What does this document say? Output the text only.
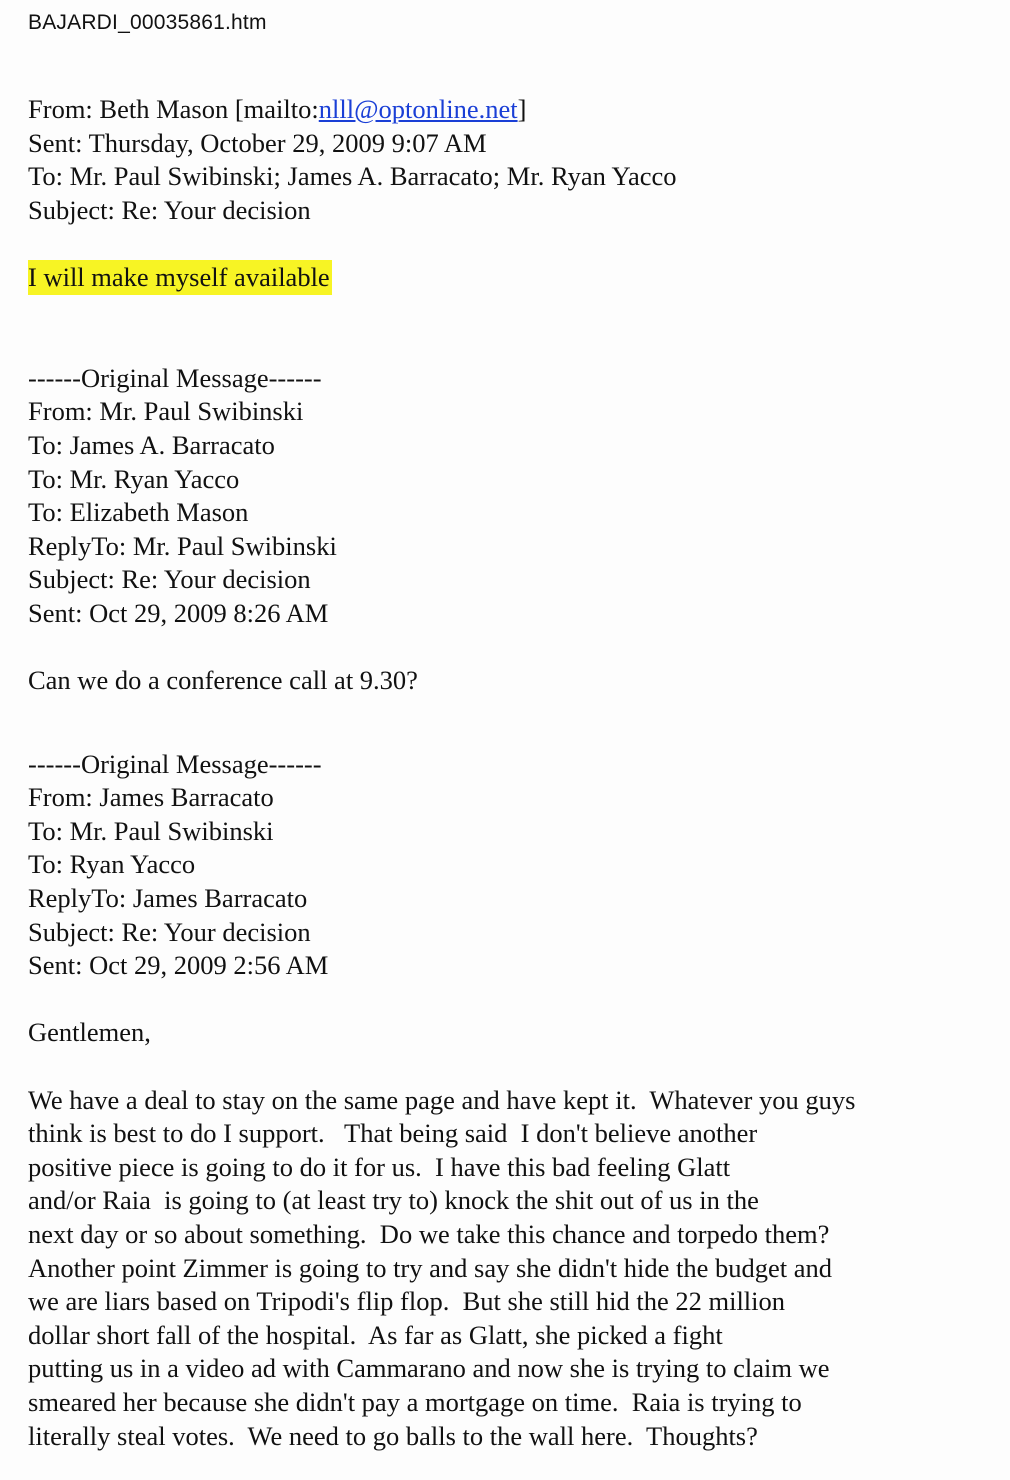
BAJARDI_00035861.htm
From: Beth Mason [mailto:nlll@optonline.net]
Sent: Thursday, October 29, 2009 9:07 AM
To: Mr. Paul Swibinski; James A. Barracato; Mr. Ryan Yacco
Subject: Re: Your decision
I will make myself available
------Original Message------
From: Mr. Paul Swibinski
To: James A. Barracato
To: Mr. Ryan Yacco
To: Elizabeth Mason
ReplyTo: Mr. Paul Swibinski
Subject: Re: Your decision
Sent: Oct 29, 2009 8:26 AM
Can we do a conference call at 9.30?
------Original Message------
From: James Barracato
To: Mr. Paul Swibinski
To: Ryan Yacco
ReplyTo: James Barracato
Subject: Re: Your decision
Sent: Oct 29, 2009 2:56 AM
Gentlemen,
We have a deal to stay on the same page and have kept it.  Whatever you guys
think is best to do I support.   That being said  I don't believe another
positive piece is going to do it for us.  I have this bad feeling Glatt
and/or Raia  is going to (at least try to) knock the shit out of us in the
next day or so about something.  Do we take this chance and torpedo them?
Another point Zimmer is going to try and say she didn't hide the budget and
we are liars based on Tripodi's flip flop.  But she still hid the 22 million
dollar short fall of the hospital.  As far as Glatt, she picked a fight
putting us in a video ad with Cammarano and now she is trying to claim we
smeared her because she didn't pay a mortgage on time.  Raia is trying to
literally steal votes.  We need to go balls to the wall here.  Thoughts?
